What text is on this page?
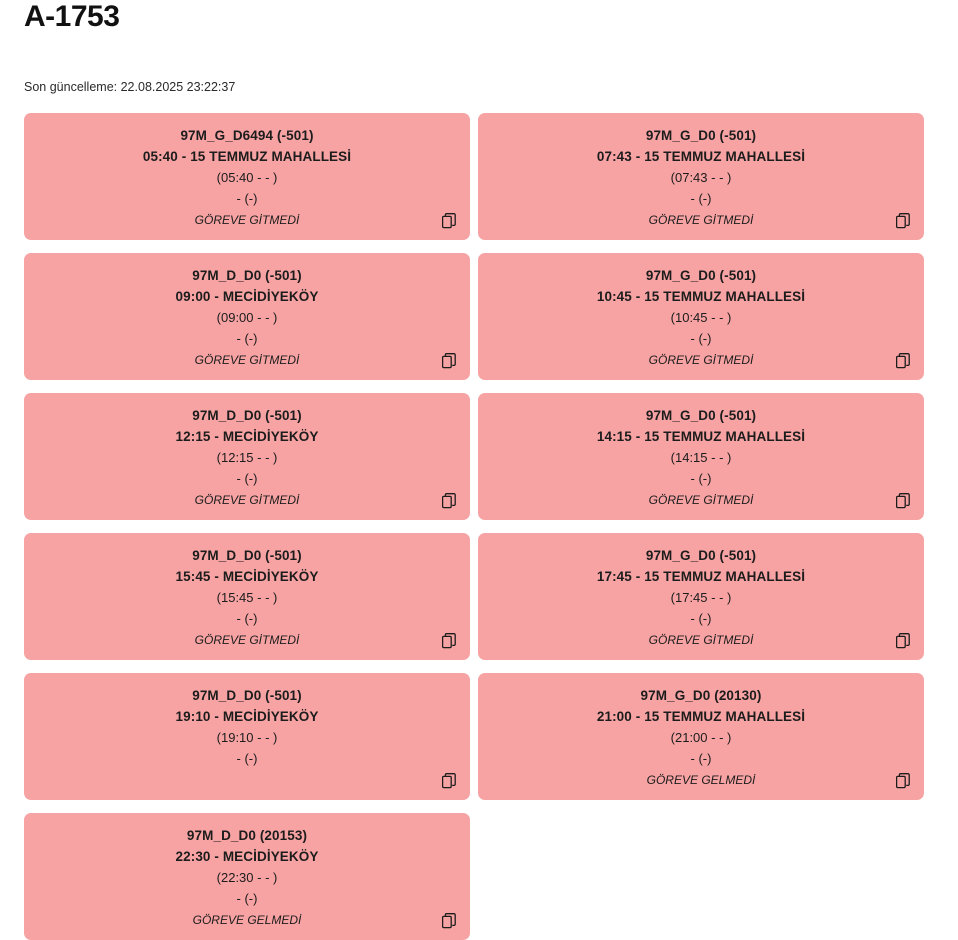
A-1753
Son güncelleme: 22.08.2025 23:22:37
97M_G_D6494 (-501)
05:40 - 15 TEMMUZ MAHALLESİ
(05:40 - - )
- (-)
GÖREVE GİTMEDİ
97M_G_D0 (-501)
07:43 - 15 TEMMUZ MAHALLESİ
(07:43 - - )
- (-)
GÖREVE GİTMEDİ
97M_D_D0 (-501)
09:00 - MECİDİYEKÖY
(09:00 - - )
- (-)
GÖREVE GİTMEDİ
97M_G_D0 (-501)
10:45 - 15 TEMMUZ MAHALLESİ
(10:45 - - )
- (-)
GÖREVE GİTMEDİ
97M_D_D0 (-501)
12:15 - MECİDİYEKÖY
(12:15 - - )
- (-)
GÖREVE GİTMEDİ
97M_G_D0 (-501)
14:15 - 15 TEMMUZ MAHALLESİ
(14:15 - - )
- (-)
GÖREVE GİTMEDİ
97M_D_D0 (-501)
15:45 - MECİDİYEKÖY
(15:45 - - )
- (-)
GÖREVE GİTMEDİ
97M_G_D0 (-501)
17:45 - 15 TEMMUZ MAHALLESİ
(17:45 - - )
- (-)
GÖREVE GİTMEDİ
97M_D_D0 (-501)
19:10 - MECİDİYEKÖY
(19:10 - - )
- (-)

97M_G_D0 (20130)
21:00 - 15 TEMMUZ MAHALLESİ
(21:00 - - )
- (-)
GÖREVE GELMEDİ
97M_D_D0 (20153)
22:30 - MECİDİYEKÖY
(22:30 - - )
- (-)
GÖREVE GELMEDİ
